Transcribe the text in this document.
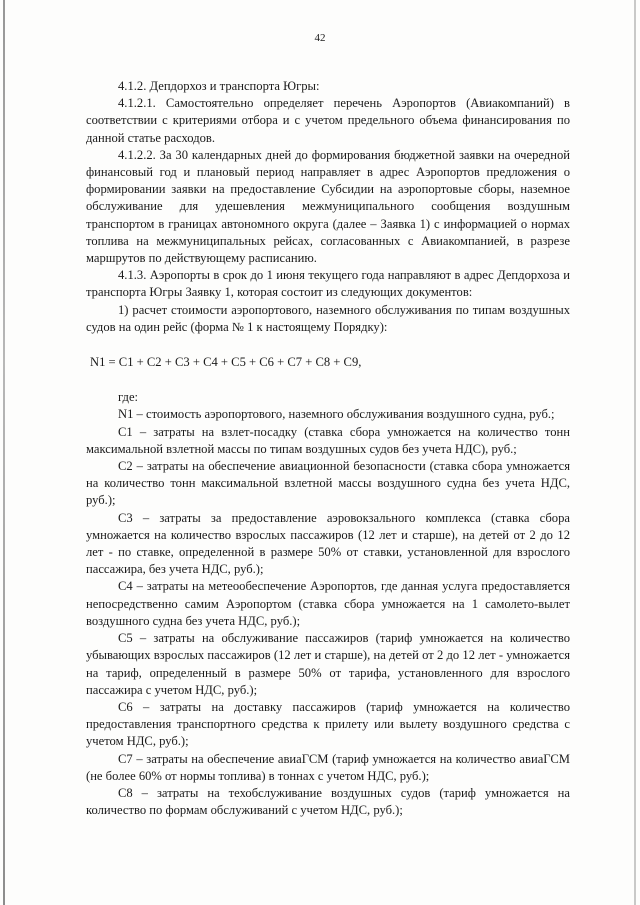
42

4.1.2. Депдорхоз и транспорта Югры:

4.1.2.1. Самостоятельно определяет перечень Аэропортов (Авиакомпаний) в соответствии с критериями отбора и с учетом предельного объема финансирования по данной статье расходов.

4.1.2.2. За 30 календарных дней до формирования бюджетной заявки на очередной финансовый год и плановый период направляет в адрес Аэропортов предложения о формировании заявки на предоставление Субсидии на аэропортовые сборы, наземное обслуживание для удешевления межмуниципального сообщения воздушным транспортом в границах автономного округа (далее – Заявка 1) с информацией о нормах топлива на межмуниципальных рейсах, согласованных с Авиакомпанией, в разрезе маршрутов по действующему расписанию.

4.1.3. Аэропорты в срок до 1 июня текущего года направляют в адрес Депдорхоза и транспорта Югры Заявку 1, которая состоит из следующих документов:

1) расчет стоимости аэропортового, наземного обслуживания по типам воздушных судов на один рейс (форма № 1 к настоящему Порядку):

N1 = C1 + C2 + C3 + C4 + C5 + C6 + C7 + C8 + C9,

где:

N1 – стоимость аэропортового, наземного обслуживания воздушного судна, руб.;

C1 – затраты на взлет-посадку (ставка сбора умножается на количество тонн максимальной взлетной массы по типам воздушных судов без учета НДС), руб.;

C2 – затраты на обеспечение авиационной безопасности (ставка сбора умножается на количество тонн максимальной взлетной массы воздушного судна без учета НДС, руб.);

C3 – затраты за предоставление аэровокзального комплекса (ставка сбора умножается на количество взрослых пассажиров (12 лет и старше), на детей от 2 до 12 лет - по ставке, определенной в размере 50% от ставки, установленной для взрослого пассажира, без учета НДС, руб.);

C4 – затраты на метеообеспечение Аэропортов, где данная услуга предоставляется непосредственно самим Аэропортом (ставка сбора умножается на 1 самолето-вылет воздушного судна без учета НДС, руб.);

C5 – затраты на обслуживание пассажиров (тариф умножается на количество убывающих взрослых пассажиров (12 лет и старше), на детей от 2 до 12 лет - умножается на тариф, определенный в размере 50% от тарифа, установленного для взрослого пассажира с учетом НДС, руб.);

C6 – затраты на доставку пассажиров (тариф умножается на количество предоставления транспортного средства к прилету или вылету воздушного средства с учетом НДС, руб.);

C7 – затраты на обеспечение авиаГСМ (тариф умножается на количество авиаГСМ (не более 60% от нормы топлива) в тоннах с учетом НДС, руб.);

C8 – затраты на техобслуживание воздушных судов (тариф умножается на количество по формам обслуживаний с учетом НДС, руб.);
